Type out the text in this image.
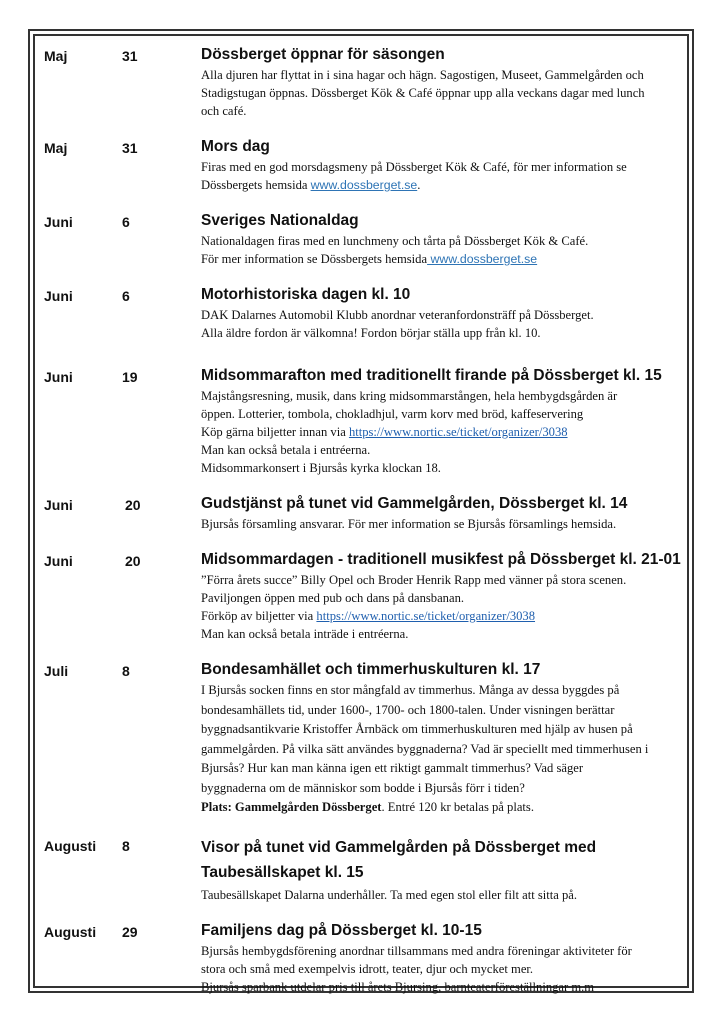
Maj	31	Dössberget öppnar för säsongen
Alla djuren har flyttat in i sina hagar och hägn. Sagostigen, Museet, Gammelgården och
Stadigstugan öppnas. Dössberget Kök & Café öppnar upp alla veckans dagar med lunch
och café.
Maj	31	Mors dag
Firas med en god morsdagsmeny på Dössberget Kök & Café, för mer information se
Dössbergets hemsida www.dossberget.se.
Juni	6	Sveriges Nationaldag
Nationaldagen firas med en lunchmeny och tårta på Dössberget Kök & Café.
För mer information se Dössbergets hemsida www.dossberget.se
Juni	6	Motorhistoriska dagen kl. 10
DAK Dalarnes Automobil Klubb anordnar veteranfordonsträff på Dössberget.
Alla äldre fordon är välkomna! Fordon börjar ställa upp från kl. 10.
Juni	19	Midsommarafton med traditionellt firande på Dössberget kl. 15
Majstångsresning, musik, dans kring midsommarstången, hela hembygdsgården är
öppen. Lotterier, tombola, chokladhjul, varm korv med bröd, kaffeservering
Köp gärna biljetter innan via https://www.nortic.se/ticket/organizer/3038
Man kan också betala i entréerna.
Midsommarkonsert i Bjursås kyrka klockan 18.
Juni	20	Gudstjänst på tunet vid Gammelgården, Dössberget kl. 14
Bjursås församling ansvarar. För mer information se Bjursås församlings hemsida.
Juni	20	Midsommardagen - traditionell musikfest på Dössberget kl. 21-01
”Förra årets succe” Billy Opel och Broder Henrik Rapp med vänner på stora scenen.
Paviljongen öppen med pub och dans på dansbanan.
Förköp av biljetter via https://www.nortic.se/ticket/organizer/3038
Man kan också betala inträde i entréerna.
Juli	8	Bondesamhället och timmerhuskulturen kl. 17
I Bjursås socken finns en stor mångfald av timmerhus. Många av dessa byggdes på
bondesamhällets tid, under 1600-, 1700- och 1800-talen. Under visningen berättar
byggnadsantikvarie Kristoffer Årnbäck om timmerhuskulturen med hjälp av husen på
gammelgården. På vilka sätt användes byggnaderna? Vad är speciellt med timmerhusen i
Bjursås? Hur kan man känna igen ett riktigt gammalt timmerhus? Vad säger
byggnaderna om de människor som bodde i Bjursås förr i tiden?
Plats: Gammelgården Dössberget. Entré 120 kr betalas på plats.
Augusti 8	Visor på tunet vid Gammelgården på Dössberget med
Taubesällskapet kl. 15
Taubesällskapet Dalarna underhåller. Ta med egen stol eller filt att sitta på.
Augusti 29	Familjens dag på Dössberget kl. 10-15
Bjursås hembygdsförening anordnar tillsammans med andra föreningar aktiviteter för
stora och små med exempelvis idrott, teater, djur och mycket mer.
Bjursås sparbank utdelar pris till årets Bjursing, barnteaterföreställningar m.m
